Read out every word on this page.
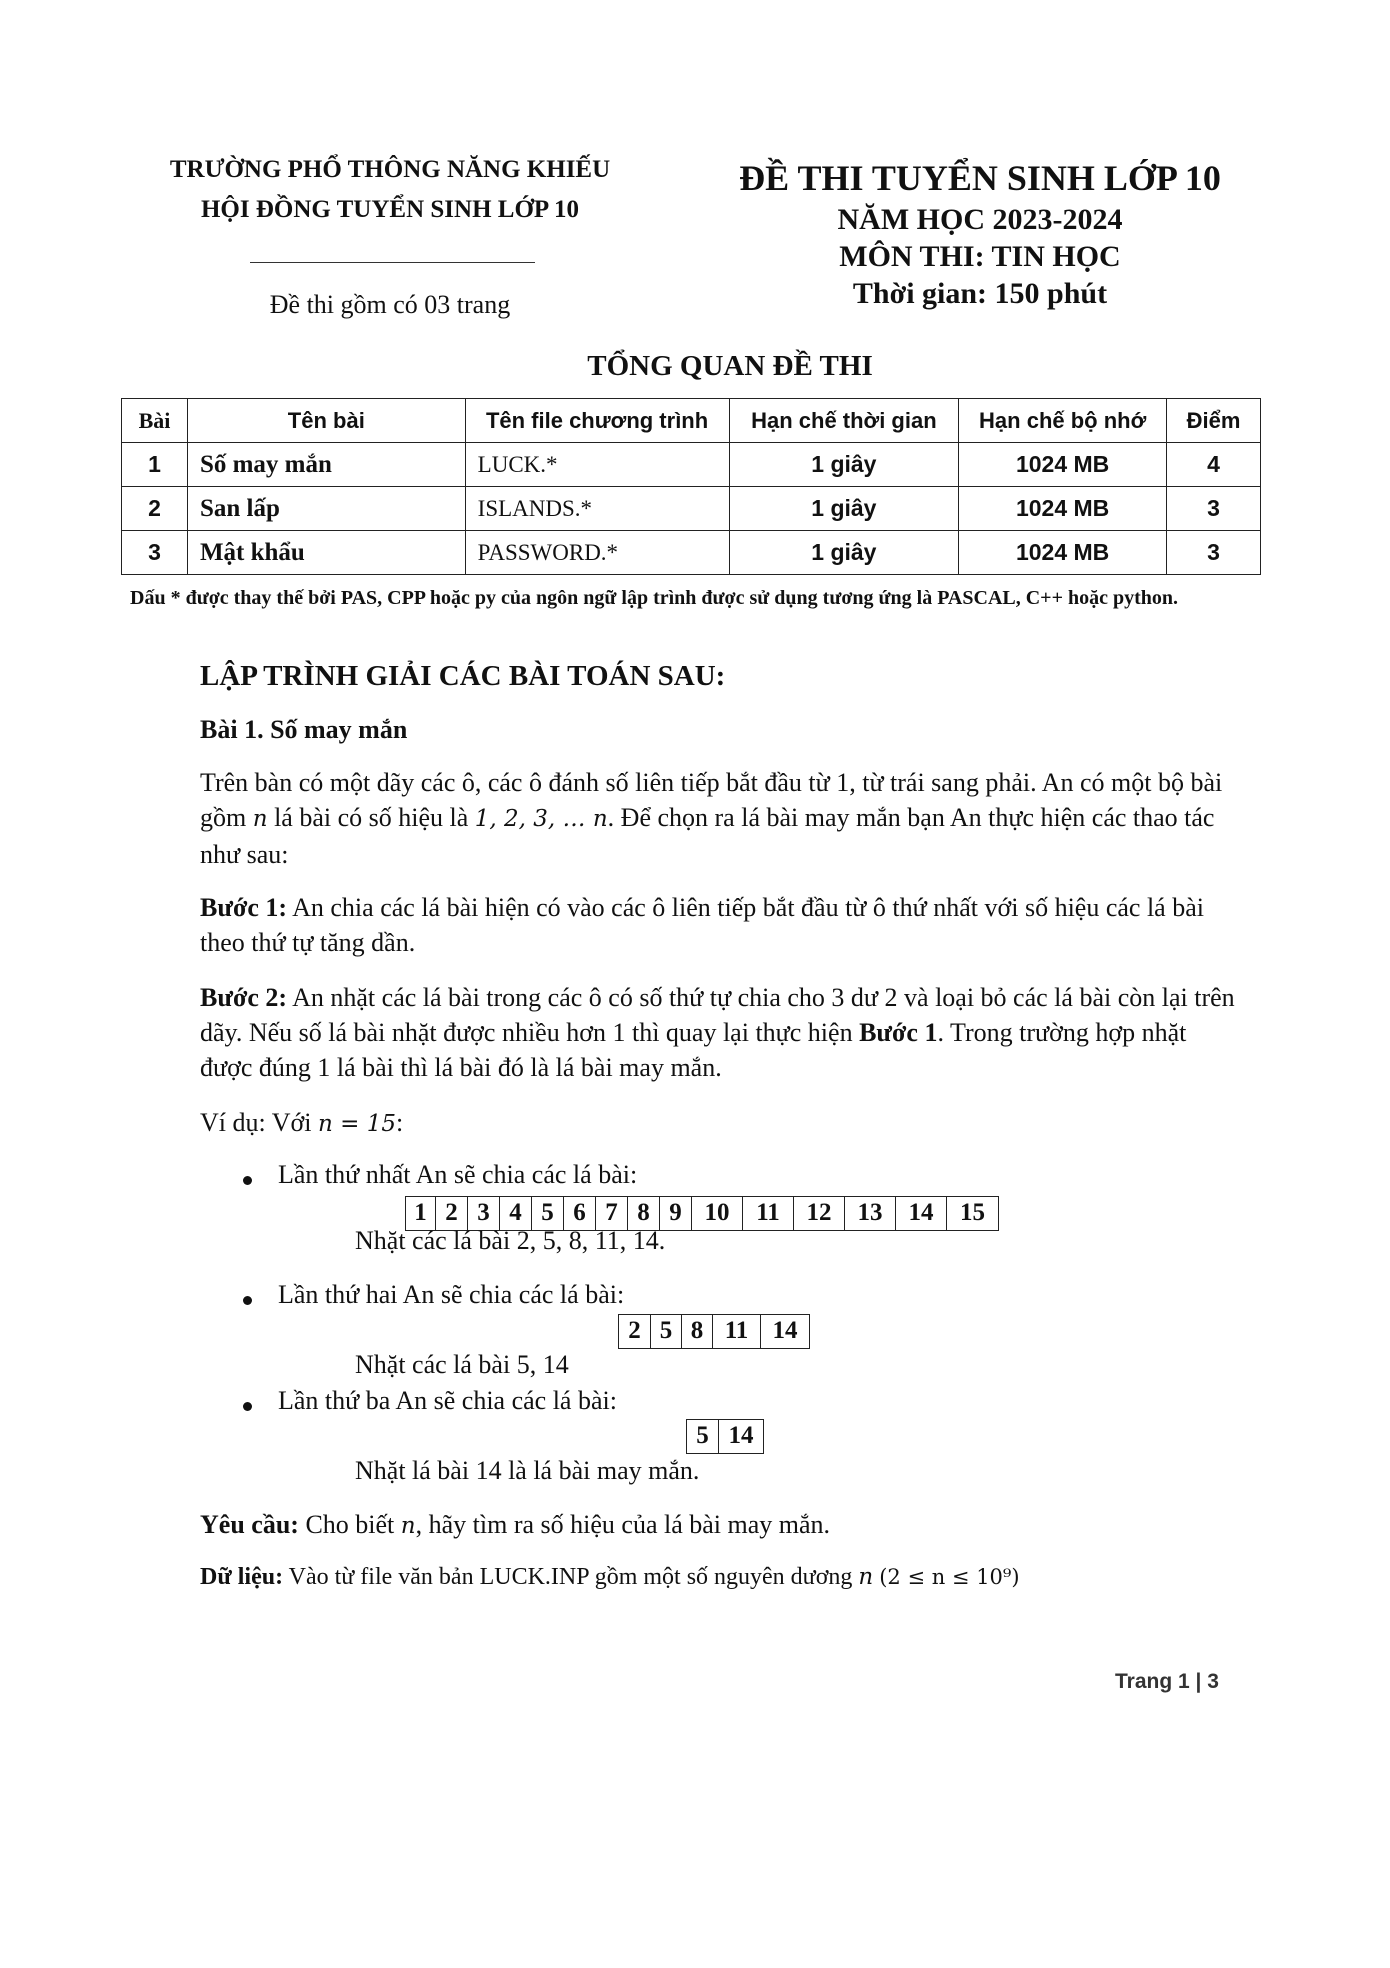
TRƯỜNG PHỔ THÔNG NĂNG KHIẾU
HỘI ĐỒNG TUYỂN SINH LỚP 10
Đề thi gồm có 03 trang
ĐỀ THI TUYỂN SINH LỚP 10
NĂM HỌC 2023-2024
MÔN THI: TIN HỌC
Thời gian: 150 phút
TỔNG QUAN ĐỀ THI
Bài	Tên bài	Tên file chương trình	Hạn chế thời gian	Hạn chế bộ nhớ	Điểm
1	Số may mắn	LUCK.*	1 giây	1024 MB	4
2	San lấp	ISLANDS.*	1 giây	1024 MB	3
3	Mật khẩu	PASSWORD.*	1 giây	1024 MB	3
Dấu * được thay thế bởi PAS, CPP hoặc py của ngôn ngữ lập trình được sử dụng tương ứng là PASCAL, C++ hoặc python.
LẬP TRÌNH GIẢI CÁC BÀI TOÁN SAU:
Bài 1. Số may mắn
Trên bàn có một dãy các ô, các ô đánh số liên tiếp bắt đầu từ 1, từ trái sang phải. An có một bộ bài gồm n lá bài có số hiệu là 1, 2, 3, … n. Để chọn ra lá bài may mắn bạn An thực hiện các thao tác như sau:
Bước 1: An chia các lá bài hiện có vào các ô liên tiếp bắt đầu từ ô thứ nhất với số hiệu các lá bài theo thứ tự tăng dần.
Bước 2: An nhặt các lá bài trong các ô có số thứ tự chia cho 3 dư 2 và loại bỏ các lá bài còn lại trên dãy. Nếu số lá bài nhặt được nhiều hơn 1 thì quay lại thực hiện Bước 1. Trong trường hợp nhặt được đúng 1 lá bài thì lá bài đó là lá bài may mắn.
Ví dụ: Với n = 15:
Lần thứ nhất An sẽ chia các lá bài:
1 2 3 4 5 6 7 8 9 10	11	12	13	14	15
Nhặt các lá bài 2, 5, 8, 11, 14.
Lần thứ hai An sẽ chia các lá bài:
2 5 8 11 14
Nhặt các lá bài 5, 14
Lần thứ ba An sẽ chia các lá bài:
5 14
Nhặt lá bài 14 là lá bài may mắn.
Yêu cầu: Cho biết n, hãy tìm ra số hiệu của lá bài may mắn.
Dữ liệu: Vào từ file văn bản LUCK.INP gồm một số nguyên dương n (2 ≤ n ≤ 10⁹)
Trang 1 | 3
